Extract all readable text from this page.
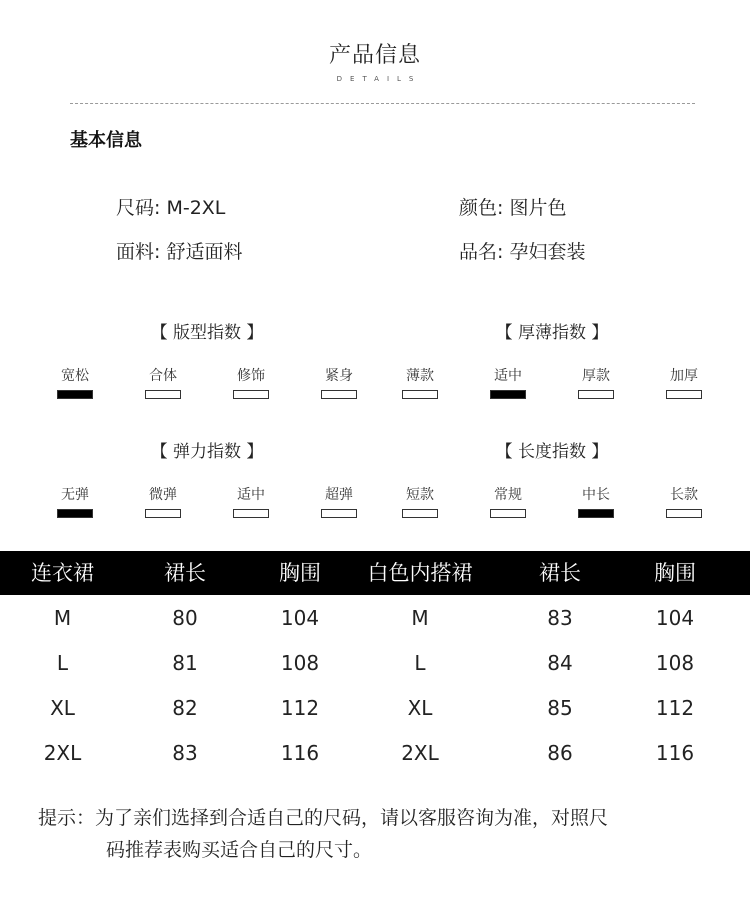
产品信息
DETAILS
基本信息
尺码: M-2XL	颜色: 图片色
面料: 舒适面料	品名: 孕妇套装
【 版型指数 】
宽松	合体	修饰	紧身
【 厚薄指数 】
薄款	适中	厚款	加厚
【 弹力指数 】
无弹	微弹	适中	超弹
【 长度指数 】
短款	常规	中长	长款
连衣裙	裙长	胸围	白色内搭裙	裙长	胸围
M	80	104	M	83	104
L	81	108	L	84	108
XL	82	112	XL	85	112
2XL	83	116	2XL	86	116
提示：为了亲们选择到合适自己的尺码，请以客服咨询为准，对照尺
码推荐表购买适合自己的尺寸。
